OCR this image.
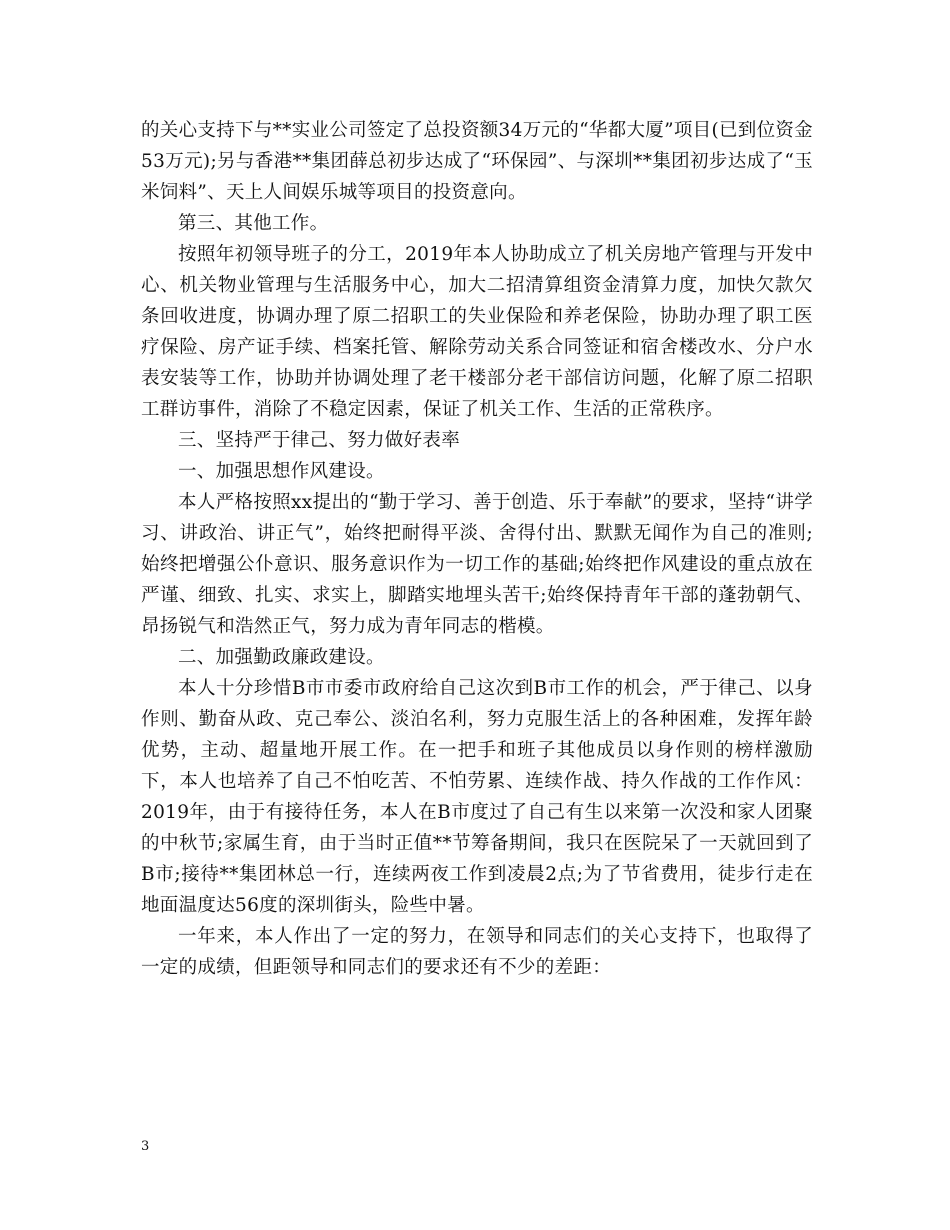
的关心支持下与**实业公司签定了总投资额34万元的“华都大厦”项目(已到位资金53万元);另与香港**集团薛总初步达成了“环保园”、与深圳**集团初步达成了“玉米饲料”、天上人间娱乐城等项目的投资意向。

第三、其他工作。

按照年初领导班子的分工，2019年本人协助成立了机关房地产管理与开发中心、机关物业管理与生活服务中心，加大二招清算组资金清算力度，加快欠款欠条回收进度，协调办理了原二招职工的失业保险和养老保险，协助办理了职工医疗保险、房产证手续、档案托管、解除劳动关系合同签证和宿舍楼改水、分户水表安装等工作，协助并协调处理了老干楼部分老干部信访问题，化解了原二招职工群访事件，消除了不稳定因素，保证了机关工作、生活的正常秩序。

三、坚持严于律己、努力做好表率

一、加强思想作风建设。

本人严格按照xx提出的“勤于学习、善于创造、乐于奉献”的要求，坚持“讲学习、讲政治、讲正气”，始终把耐得平淡、舍得付出、默默无闻作为自己的准则;始终把增强公仆意识、服务意识作为一切工作的基础;始终把作风建设的重点放在严谨、细致、扎实、求实上，脚踏实地埋头苦干;始终保持青年干部的蓬勃朝气、昂扬锐气和浩然正气，努力成为青年同志的楷模。

二、加强勤政廉政建设。

本人十分珍惜B市市委市政府给自己这次到B市工作的机会，严于律己、以身作则、勤奋从政、克己奉公、淡泊名利，努力克服生活上的各种困难，发挥年龄优势，主动、超量地开展工作。在一把手和班子其他成员以身作则的榜样激励下，本人也培养了自己不怕吃苦、不怕劳累、连续作战、持久作战的工作作风：2019年，由于有接待任务，本人在B市度过了自己有生以来第一次没和家人团聚的中秋节;家属生育，由于当时正值**节筹备期间，我只在医院呆了一天就回到了B市;接待**集团林总一行，连续两夜工作到凌晨2点;为了节省费用，徒步行走在地面温度达56度的深圳街头，险些中暑。

一年来，本人作出了一定的努力，在领导和同志们的关心支持下，也取得了一定的成绩，但距领导和同志们的要求还有不少的差距：

3
